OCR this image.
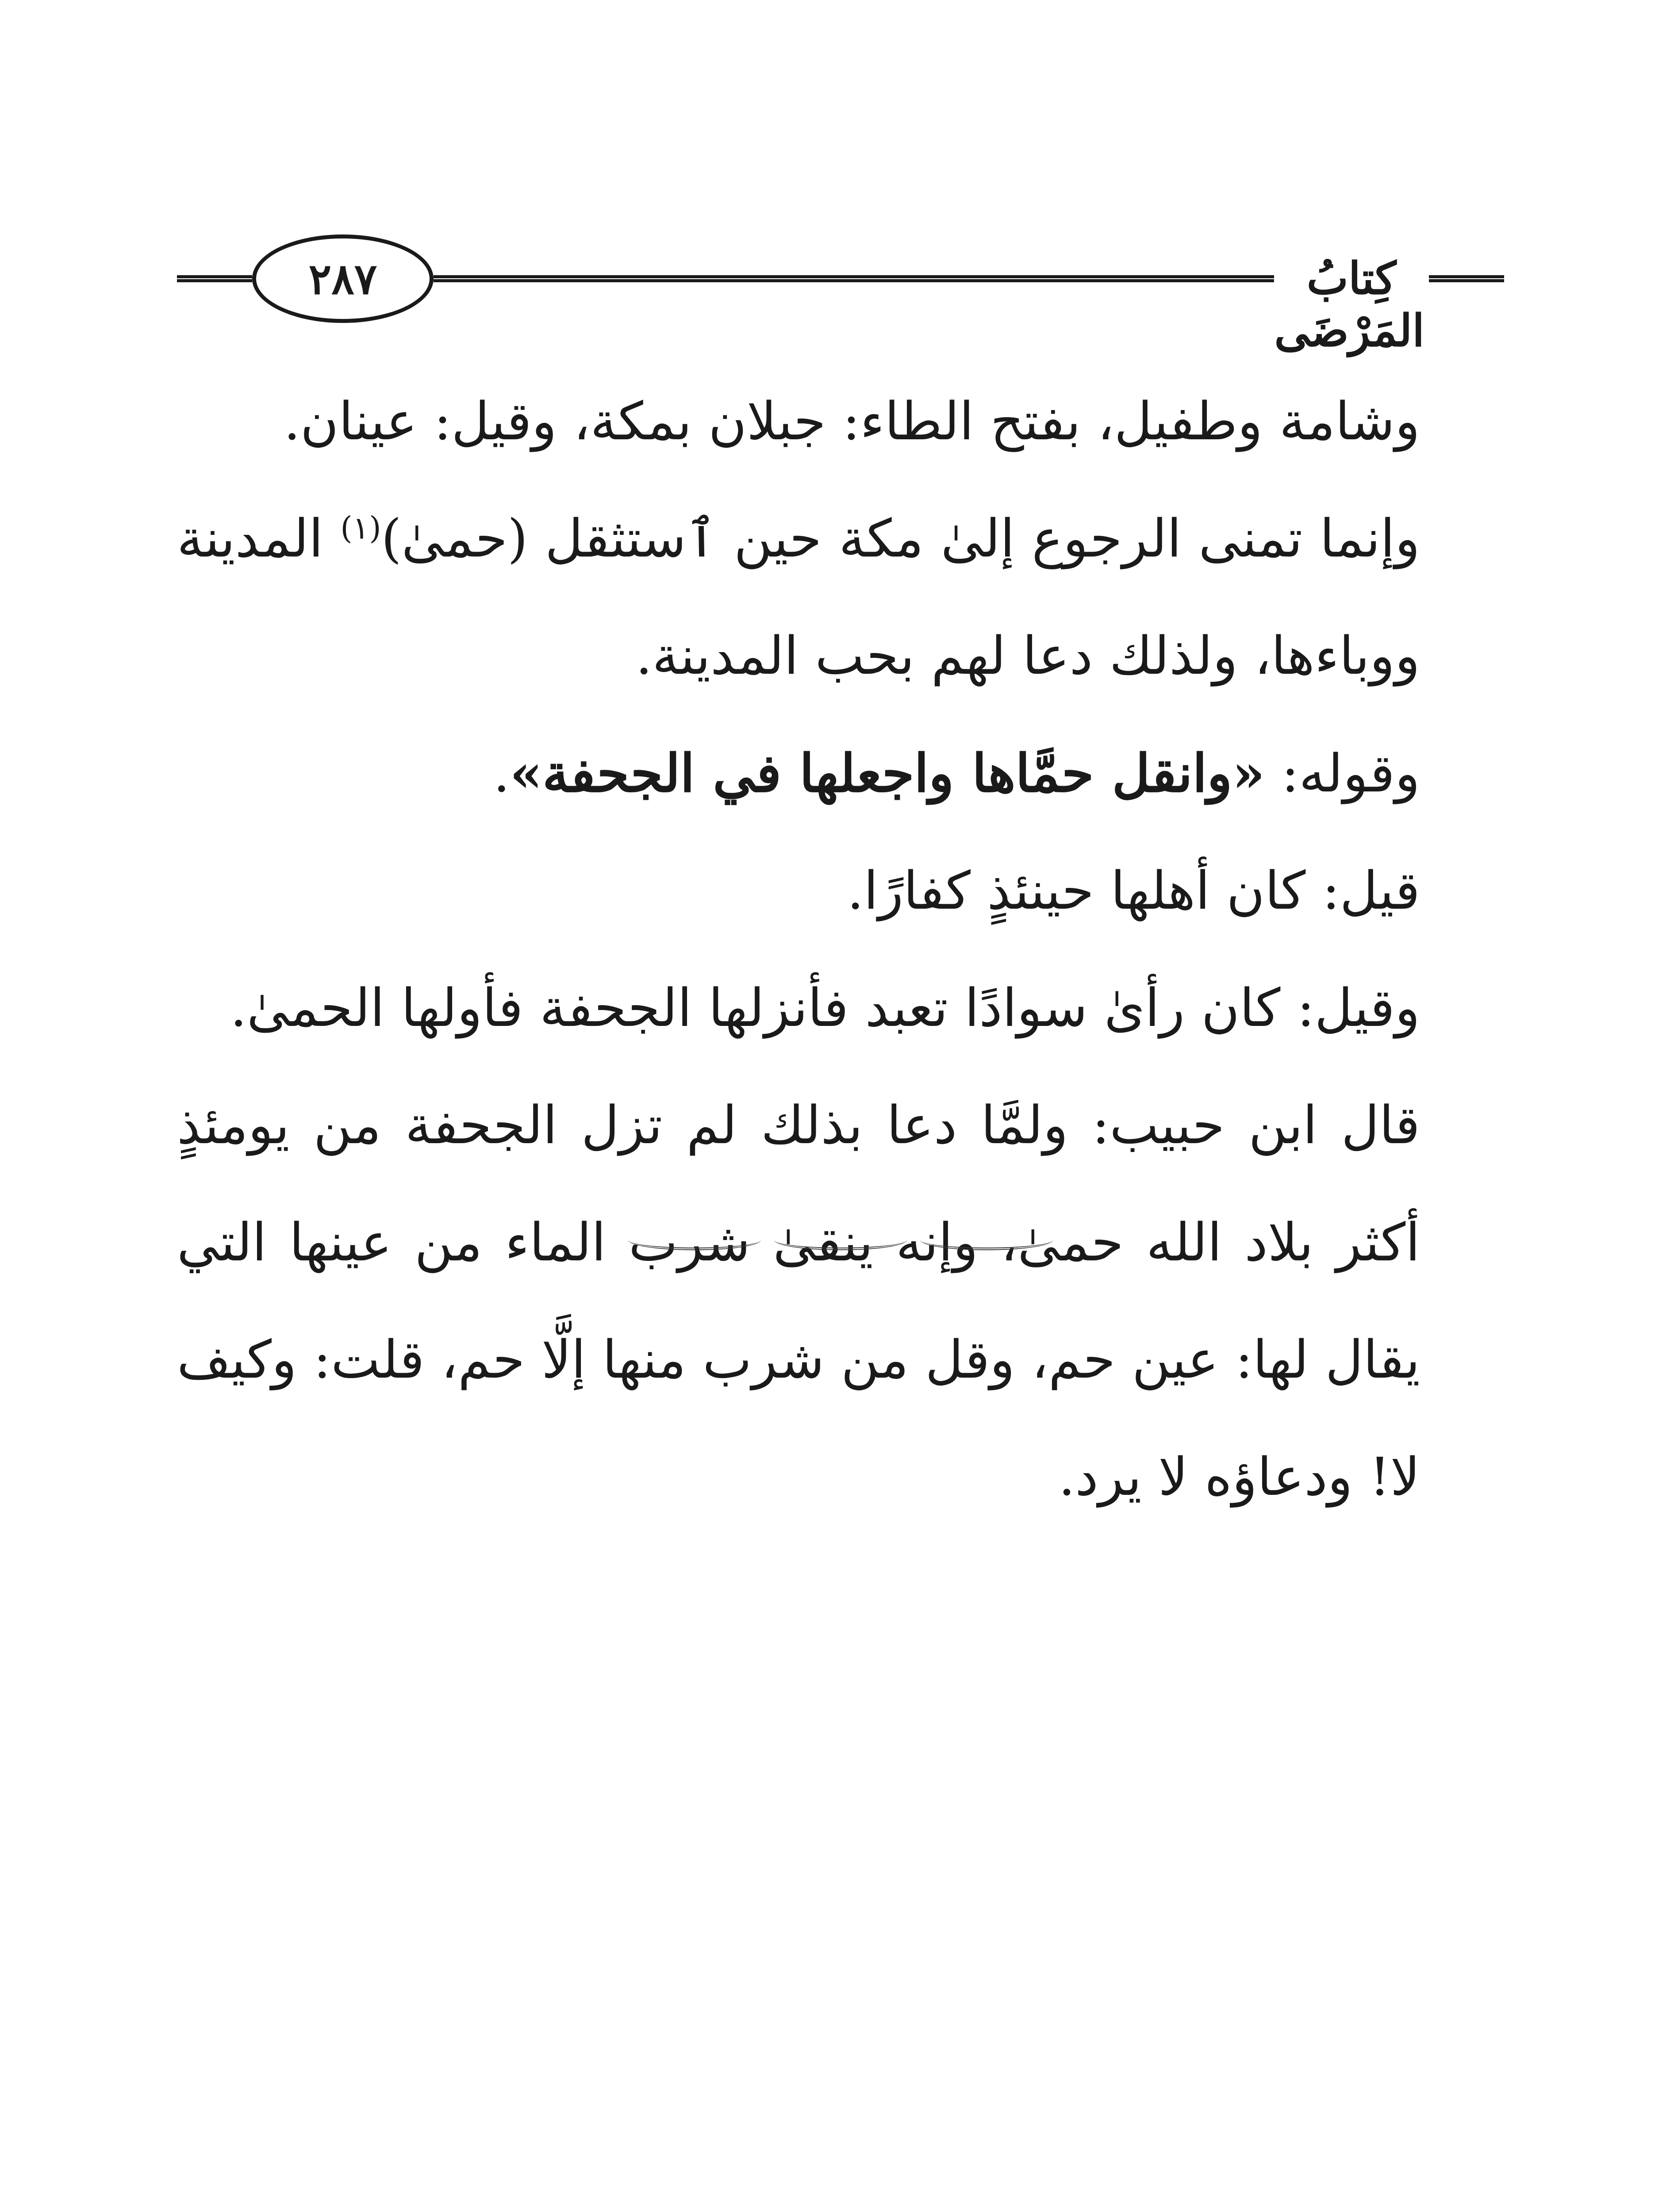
كِتابُ المَرْضَى
٢٨٧

وشامة وطفيل، بفتح الطاء: جبلان بمكة، وقيل: عينان.

وإنما تمنى الرجوع إلىٰ مكة حين ٱستثقل (حمىٰ)$^{(١)}$ المدينة ووباءها، ولذلك دعا لهم بحب المدينة.

وقوله: «وانقل حمَّاها واجعلها في الجحفة».

قيل: كان أهلها حينئذٍ كفارًا.

وقيل: كان رأىٰ سوادًا تعبد فأنزلها الجحفة فأولها الحمىٰ.

قال ابن حبيب: ولمَّا دعا بذلك لم تزل الجحفة من يومئذٍ أكثر بلاد الله حمىٰ، وإنه ينقىٰ شرب الماء من عينها التي يقال لها: عين حم، وقل من شرب منها إلَّا حم، قلت: وكيف لا! ودعاؤه لا يرد.
